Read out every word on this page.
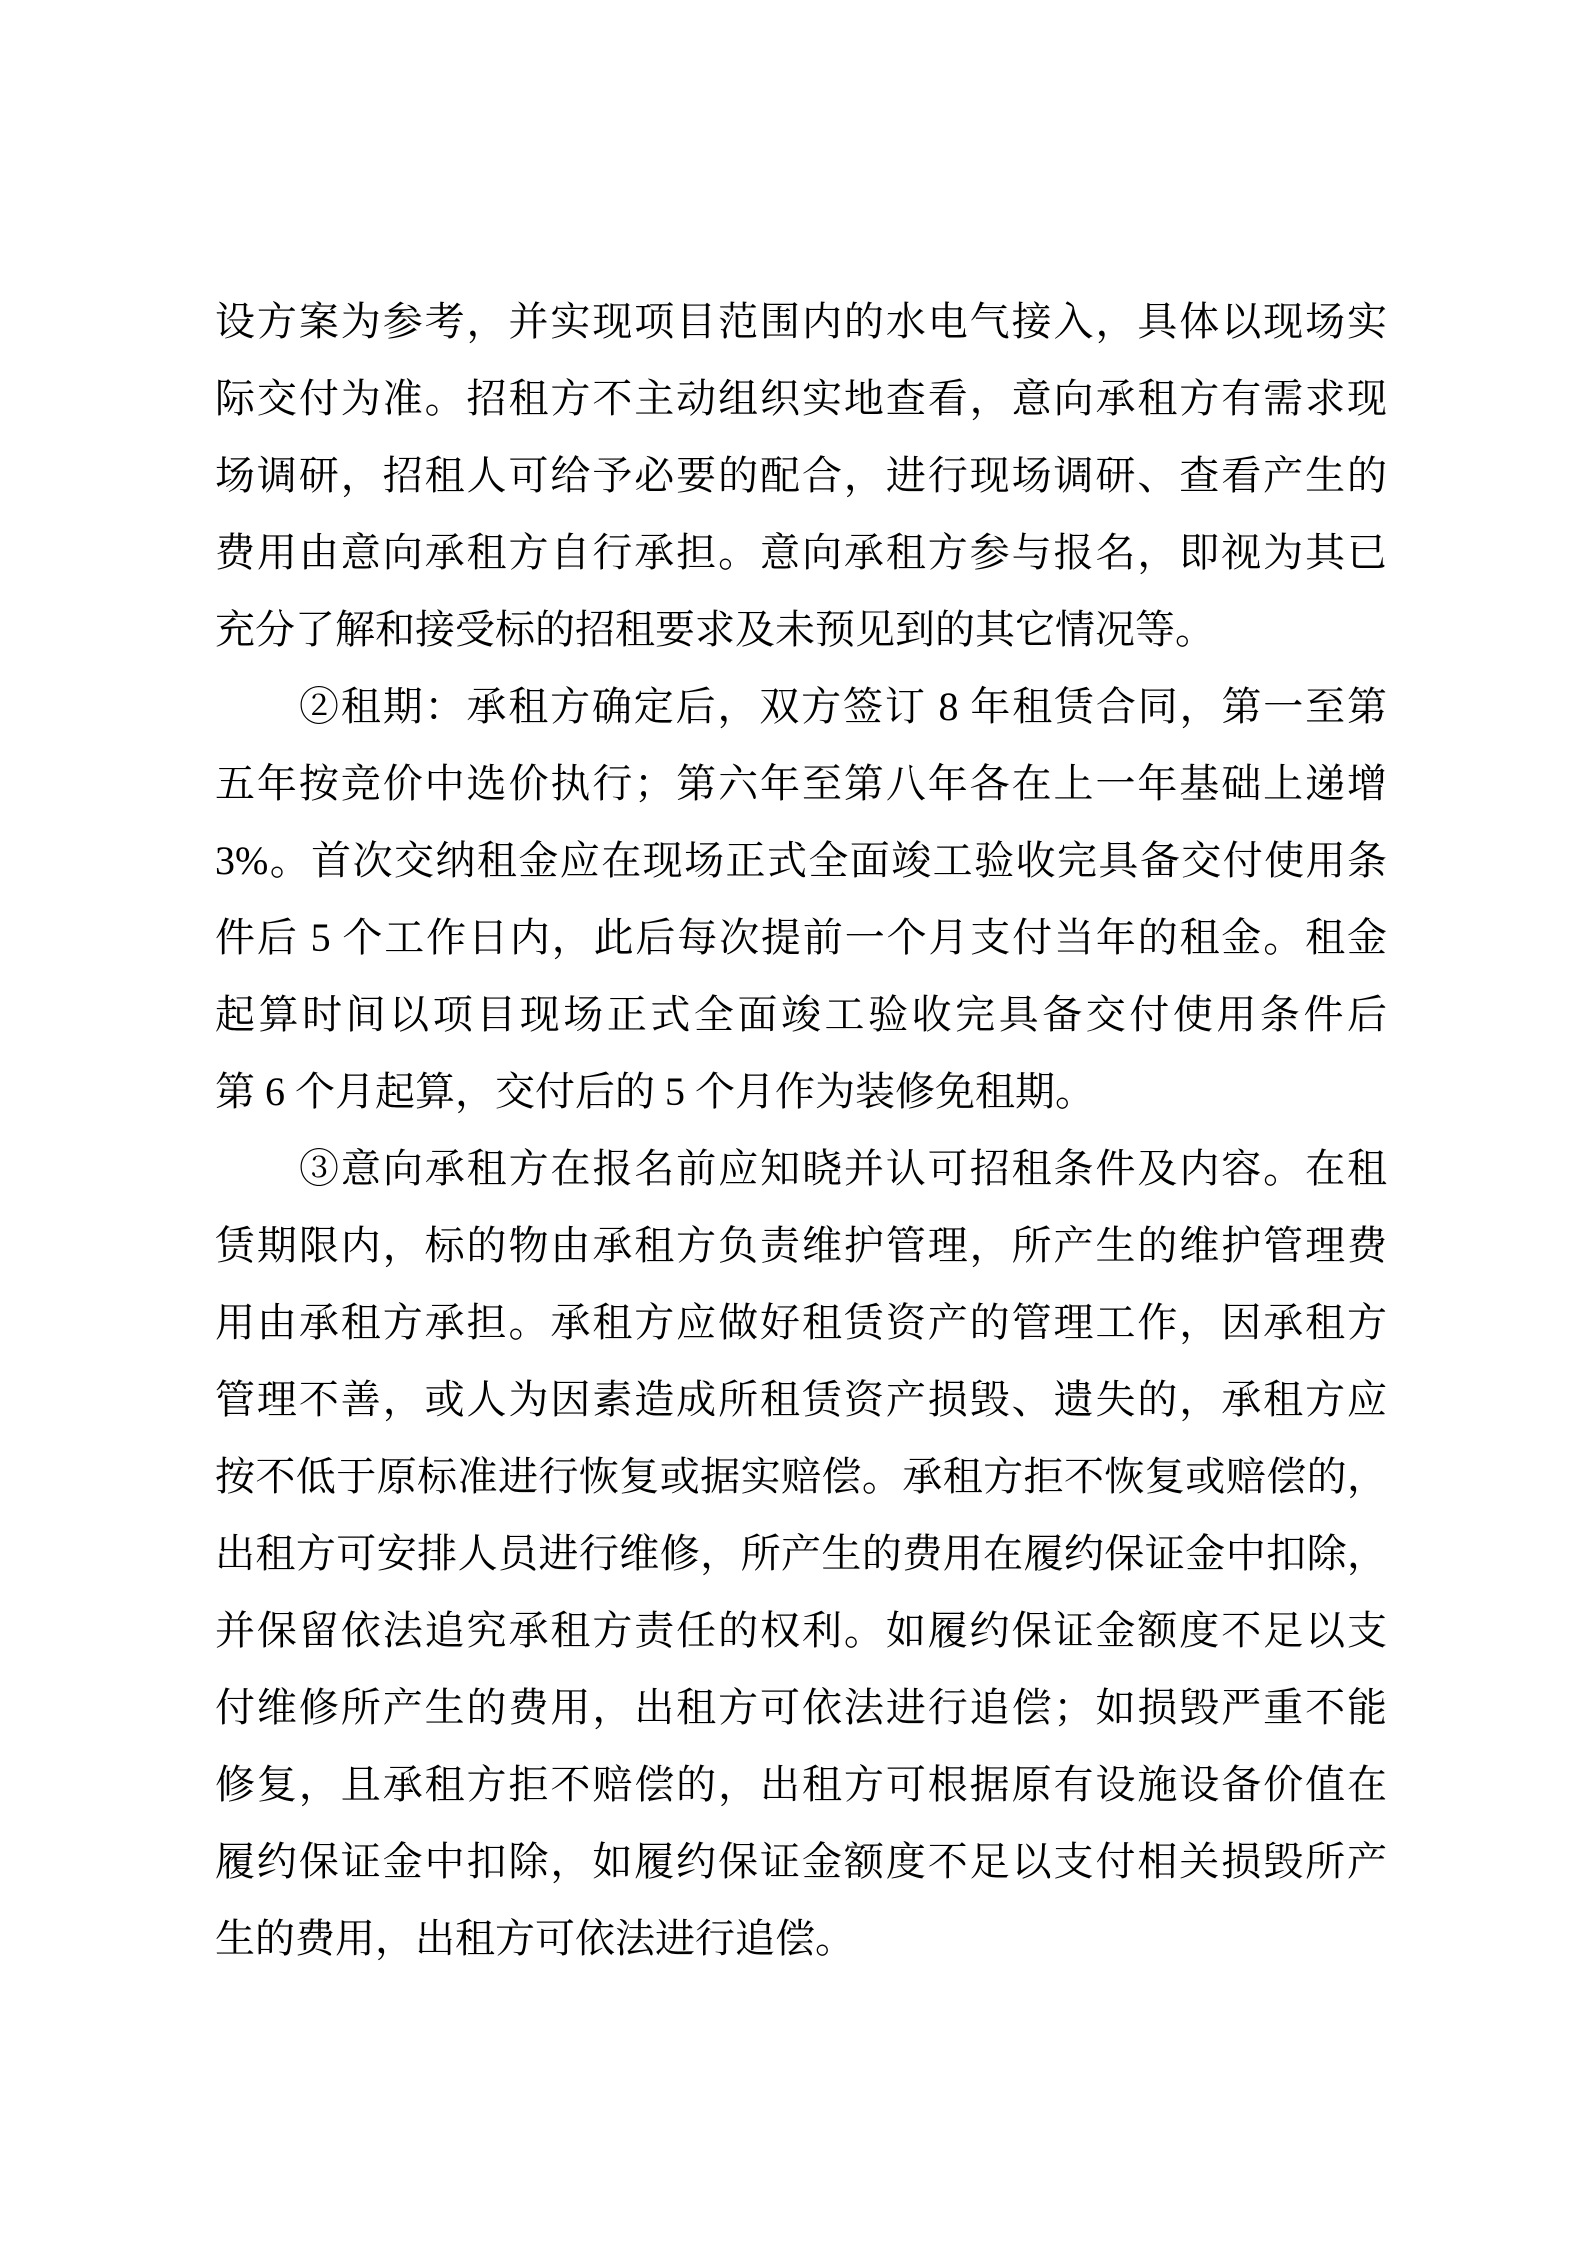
设方案为参考，并实现项目范围内的水电气接入，具体以现场实
际交付为准。招租方不主动组织实地查看，意向承租方有需求现
场调研，招租人可给予必要的配合，进行现场调研、查看产生的
费用由意向承租方自行承担。意向承租方参与报名，即视为其已
充分了解和接受标的招租要求及未预见到的其它情况等。
②租期：承租方确定后，双方签订 8 年租赁合同，第一至第
五年按竞价中选价执行；第六年至第八年各在上一年基础上递增
3%。首次交纳租金应在现场正式全面竣工验收完具备交付使用条
件后 5 个工作日内，此后每次提前一个月支付当年的租金。租金
起算时间以项目现场正式全面竣工验收完具备交付使用条件后
第 6 个月起算，交付后的 5 个月作为装修免租期。
③意向承租方在报名前应知晓并认可招租条件及内容。在租
赁期限内，标的物由承租方负责维护管理，所产生的维护管理费
用由承租方承担。承租方应做好租赁资产的管理工作，因承租方
管理不善，或人为因素造成所租赁资产损毁、遗失的，承租方应
按不低于原标准进行恢复或据实赔偿。承租方拒不恢复或赔偿的，
出租方可安排人员进行维修，所产生的费用在履约保证金中扣除，
并保留依法追究承租方责任的权利。如履约保证金额度不足以支
付维修所产生的费用，出租方可依法进行追偿；如损毁严重不能
修复，且承租方拒不赔偿的，出租方可根据原有设施设备价值在
履约保证金中扣除，如履约保证金额度不足以支付相关损毁所产
生的费用，出租方可依法进行追偿。
